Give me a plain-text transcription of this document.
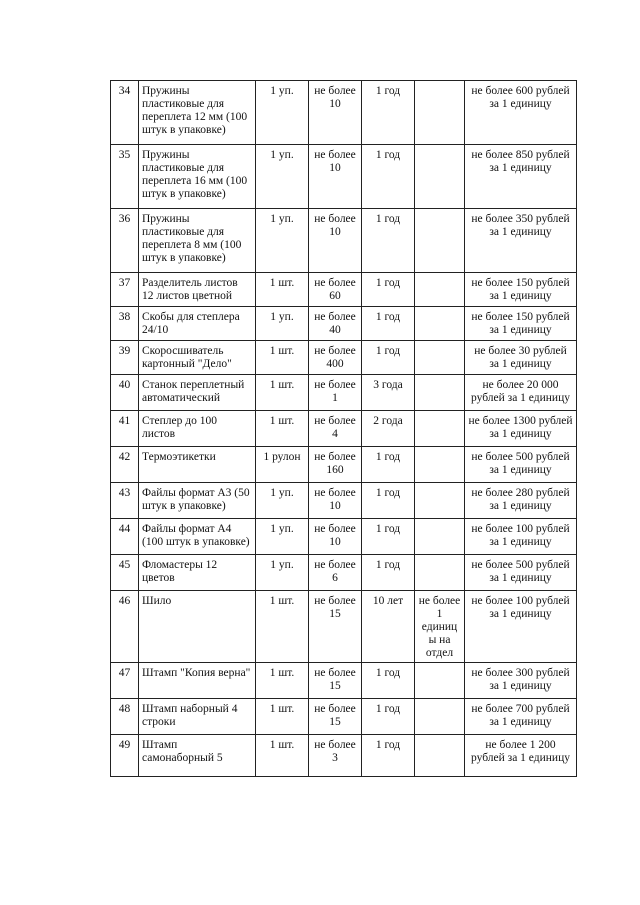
34	Пружины пластиковые для переплета 12 мм (100 штук в упаковке)	1 уп.	не более 10	1 год		не более 600 рублей за 1 единицу
35	Пружины пластиковые для переплета 16 мм (100 штук в упаковке)	1 уп.	не более 10	1 год		не более 850 рублей за 1 единицу
36	Пружины пластиковые для переплета 8 мм (100 штук в упаковке)	1 уп.	не более 10	1 год		не более 350 рублей за 1 единицу
37	Разделитель листов 12 листов цветной	1 шт.	не более 60	1 год		не более 150 рублей за 1 единицу
38	Скобы для степлера 24/10	1 уп.	не более 40	1 год		не более 150 рублей за 1 единицу
39	Скоросшиватель картонный "Дело"	1 шт.	не более 400	1 год		не более 30 рублей за 1 единицу
40	Станок переплетный автоматический	1 шт.	не более 1	3 года		не более 20 000 рублей за 1 единицу
41	Степлер до 100 листов	1 шт.	не более 4	2 года		не более 1300 рублей за 1 единицу
42	Термоэтикетки	1 рулон	не более 160	1 год		не более 500 рублей за 1 единицу
43	Файлы формат А3 (50 штук в упаковке)	1 уп.	не более 10	1 год		не более 280 рублей за 1 единицу
44	Файлы формат А4 (100 штук в упаковке)	1 уп.	не более 10	1 год		не более 100 рублей за 1 единицу
45	Фломастеры 12 цветов	1 уп.	не более 6	1 год		не более 500 рублей за 1 единицу
46	Шило	1 шт.	не более 15	10 лет	не более 1 единицы на отдел	не более 100 рублей за 1 единицу
47	Штамп "Копия верна"	1 шт.	не более 15	1 год		не более 300 рублей за 1 единицу
48	Штамп наборный 4 строки	1 шт.	не более 15	1 год		не более 700 рублей за 1 единицу
49	Штамп самонаборный 5	1 шт.	не более 3	1 год		не более 1 200 рублей за 1 единицу
